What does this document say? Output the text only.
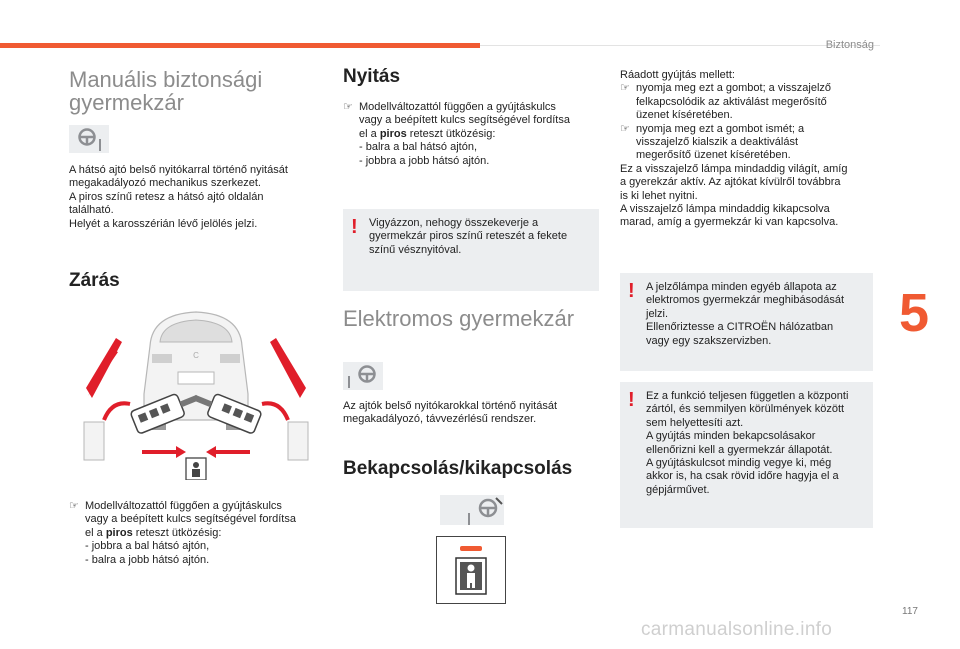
Biztonság
5
117
carmanualsonline.info
Manuális biztonsági
gyermekzár
A hátsó ajtó belső nyitókarral történő nyitását
megakadályozó mechanikus szerkezet.
A piros színű retesz a hátsó ajtó oldalán
található.
Helyét a karosszérián lévő jelölés jelzi.
Zárás
C
☞ Modellváltozattól függően a gyújtáskulcs
vagy a beépített kulcs segítségével fordítsa
el a piros reteszt ütközésig:
- jobbra a bal hátsó ajtón,
- balra a jobb hátsó ajtón.
Nyitás
☞ Modellváltozattól függően a gyújtáskulcs
vagy a beépített kulcs segítségével fordítsa
el a piros reteszt ütközésig:
- balra a bal hátsó ajtón,
- jobbra a jobb hátsó ajtón.
! Vigyázzon, nehogy összekeverje a
gyermekzár piros színű reteszét a fekete
színű vésznyitóval.
Elektromos gyermekzár
Az ajtók belső nyitókarokkal történő nyitását
megakadályozó, távvezérlésű rendszer.
Bekapcsolás/kikapcsolás
Ráadott gyújtás mellett:
☞ nyomja meg ezt a gombot; a visszajelző
felkapcsolódik az aktiválást megerősítő
üzenet kíséretében.
☞ nyomja meg ezt a gombot ismét; a
visszajelző kialszik a deaktiválást
megerősítő üzenet kíséretében.
Ez a visszajelző lámpa mindaddig világít, amíg
a gyerekzár aktív. Az ajtókat kívülről továbbra
is ki lehet nyitni.
A visszajelző lámpa mindaddig kikapcsolva
marad, amíg a gyermekzár ki van kapcsolva.
! A jelzőlámpa minden egyéb állapota az
elektromos gyermekzár meghibásodását
jelzi.
Ellenőriztesse a CITROËN hálózatban
vagy egy szakszervizben.
! Ez a funkció teljesen független a központi
zártól, és semmilyen körülmények között
sem helyettesíti azt.
A gyújtás minden bekapcsolásakor
ellenőrizni kell a gyermekzár állapotát.
A gyújtáskulcsot mindig vegye ki, még
akkor is, ha csak rövid időre hagyja el a
gépjárművet.
